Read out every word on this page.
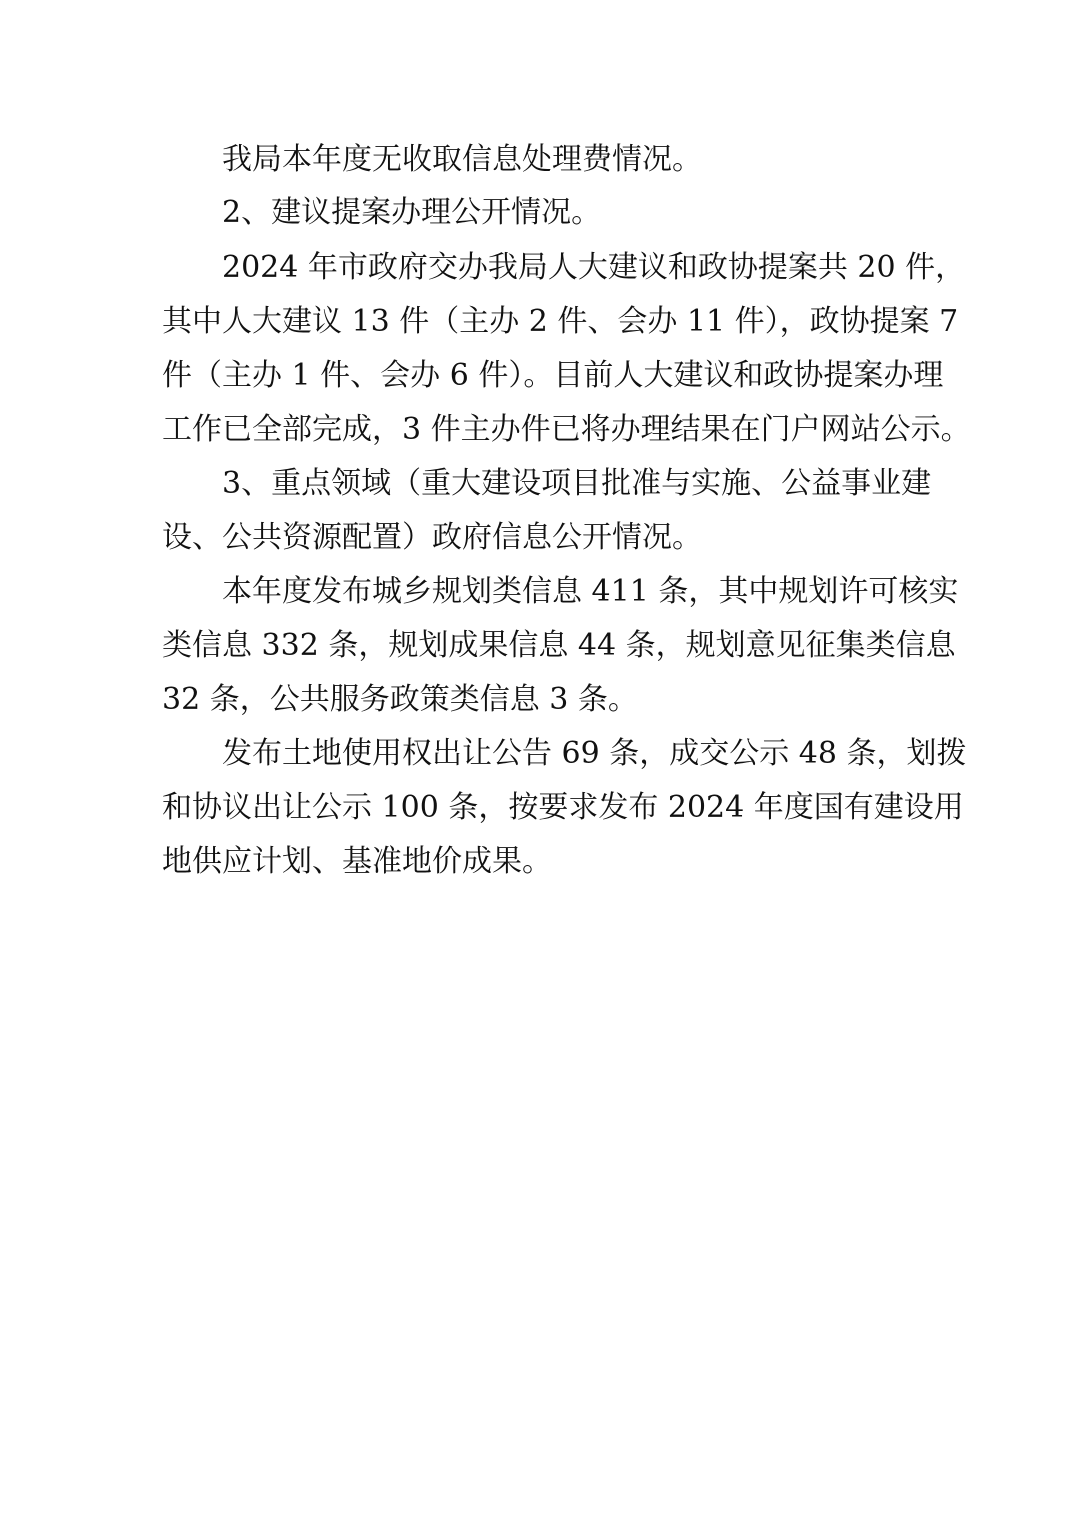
我局本年度无收取信息处理费情况。
2、建议提案办理公开情况。
2024 年市政府交办我局人大建议和政协提案共 20 件，
其中人大建议 13 件（主办 2 件、会办 11 件），政协提案 7
件（主办 1 件、会办 6 件）。目前人大建议和政协提案办理
工作已全部完成，3 件主办件已将办理结果在门户网站公示。
3、重点领域（重大建设项目批准与实施、公益事业建
设、公共资源配置）政府信息公开情况。
本年度发布城乡规划类信息 411 条，其中规划许可核实
类信息 332 条，规划成果信息 44 条，规划意见征集类信息
32 条，公共服务政策类信息 3 条。
发布土地使用权出让公告 69 条，成交公示 48 条，划拨
和协议出让公示 100 条，按要求发布 2024 年度国有建设用
地供应计划、基准地价成果。
